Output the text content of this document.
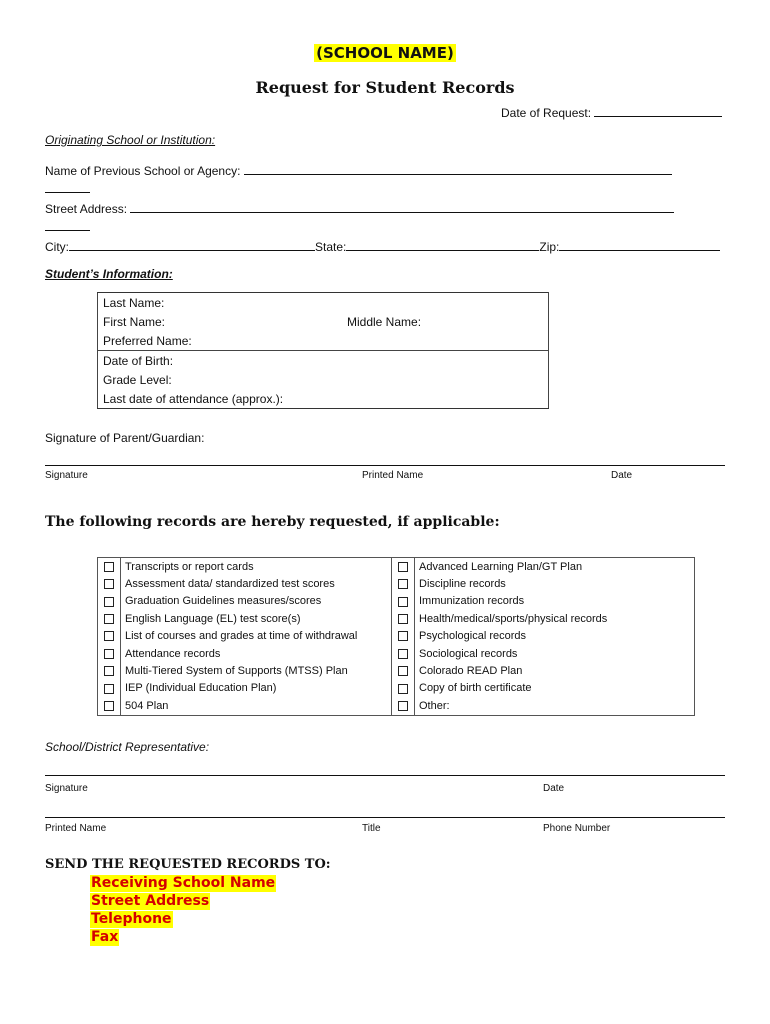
(SCHOOL NAME)
Request for Student Records
Date of Request:
Originating School or Institution:
Name of Previous School or Agency:
Street Address:
City:	State:	Zip:
Student’s Information:
Last Name:
First Name:	Middle Name:
Preferred Name:
Date of Birth:
Grade Level:
Last date of attendance (approx.):
Signature of Parent/Guardian:
Signature	Printed Name	Date
The following records are hereby requested, if applicable:
	Transcripts or report cards		Advanced Learning Plan/GT Plan
	Assessment data/ standardized test scores		Discipline records
	Graduation Guidelines measures/scores		Immunization records
	English Language (EL) test score(s)		Health/medical/sports/physical records
	List of courses and grades at time of withdrawal		Psychological records
	Attendance records		Sociological records
	Multi-Tiered System of Supports (MTSS) Plan		Colorado READ Plan
	IEP (Individual Education Plan)		Copy of birth certificate
	504 Plan		Other:
School/District Representative:
Signature	Date
Printed Name	Title	Phone Number
SEND THE REQUESTED RECORDS TO:
Receiving School Name
Street Address
Telephone
Fax
